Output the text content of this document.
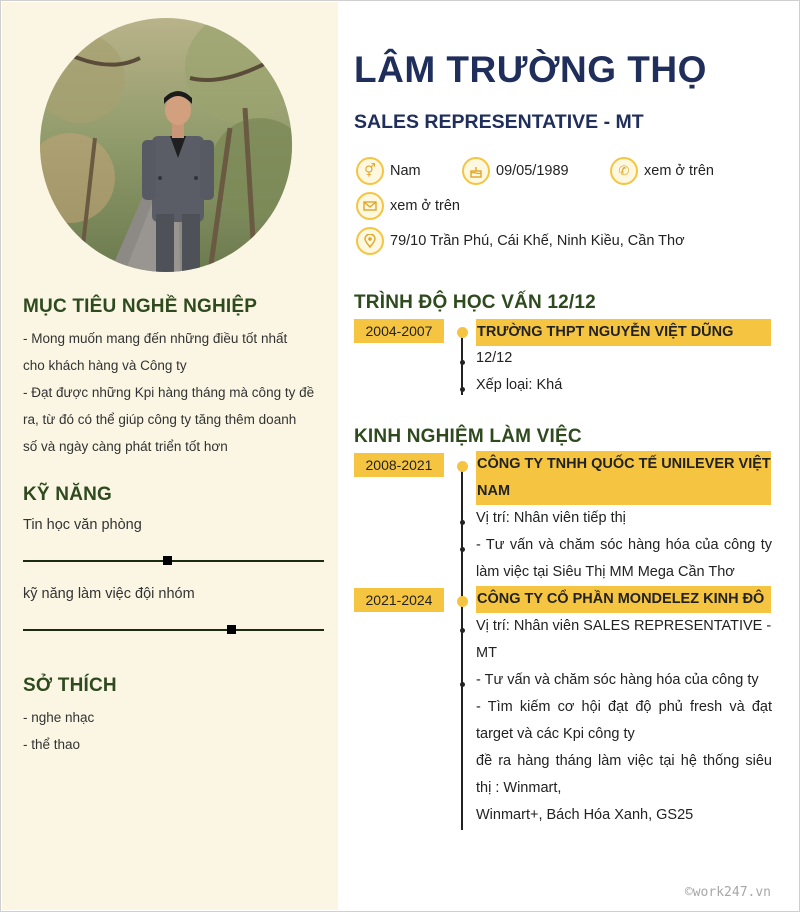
MỤC TIÊU NGHỀ NGHIỆP
- Mong muốn mang đến những điều tốt nhất
cho khách hàng và Công ty
- Đạt được những Kpi hàng tháng mà công ty đề
ra, từ đó có thể giúp công ty tăng thêm doanh
số và ngày càng phát triển tốt hơn
KỸ NĂNG
Tin học văn phòng
kỹ năng làm việc đội nhóm
SỞ THÍCH
- nghe nhạc
- thể thao
LÂM TRƯỜNG THỌ
SALES REPRESENTATIVE - MT
⚥ Nam	09/05/1989	✆	xem ở trên
xem ở trên
79/10 Trần Phú, Cái Khế, Ninh Kiều, Cần Thơ
TRÌNH ĐỘ HỌC VẤN 12/12
2004-2007	TRƯỜNG THPT NGUYỄN VIỆT DŨNG
12/12
Xếp loại: Khá
KINH NGHIỆM LÀM VIỆC
2008-2021	CÔNG TY TNHH QUỐC TẾ UNILEVER VIỆT NAM
Vị trí: Nhân viên tiếp thị
- Tư vấn và chăm sóc hàng hóa của công ty
làm việc tại Siêu Thị MM Mega Cần Thơ
2021-2024	CÔNG TY CỔ PHẦN MONDELEZ KINH ĐÔ
Vị trí: Nhân viên SALES REPRESENTATIVE -
MT
- Tư vấn và chăm sóc hàng hóa của công ty
- Tìm kiếm cơ hội đạt độ phủ fresh và đạt
target và các Kpi công ty
đề ra hàng tháng làm việc tại hệ thống siêu
thị : Winmart,
Winmart+, Bách Hóa Xanh, GS25
©work247.vn
